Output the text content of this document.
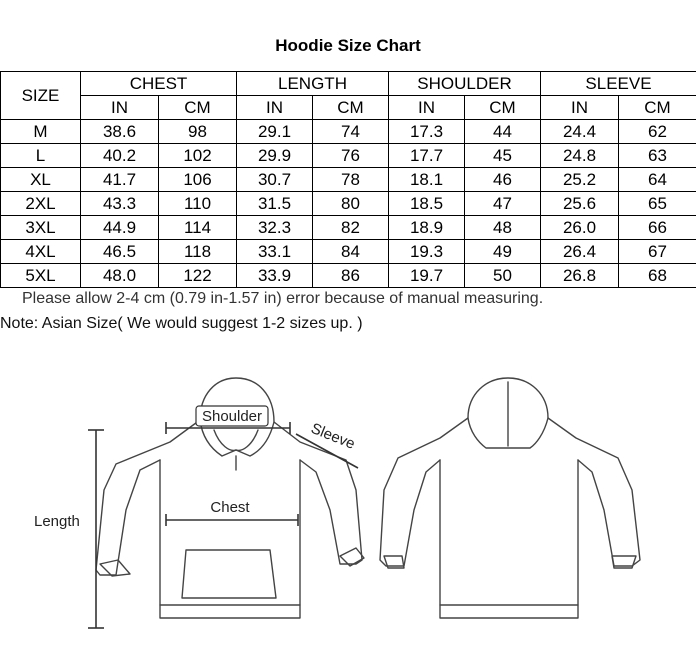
Hoodie Size Chart
SIZE	CHEST		LENGTH		SHOULDER		SLEEVE	
	IN	CM	IN	CM	IN	CM	IN	CM
M	38.6	98	29.1	74	17.3	44	24.4	62
L	40.2	102	29.9	76	17.7	45	24.8	63
XL	41.7	106	30.7	78	18.1	46	25.2	64
2XL	43.3	110	31.5	80	18.5	47	25.6	65
3XL	44.9	114	32.3	82	18.9	48	26.0	66
4XL	46.5	118	33.1	84	19.3	49	26.4	67
5XL	48.0	122	33.9	86	19.7	50	26.8	68
Please allow 2-4 cm (0.79 in-1.57 in) error because of manual measuring.
Note: Asian Size( We would suggest 1-2 sizes up. )
Shoulder
Sleeve
Chest
Length
